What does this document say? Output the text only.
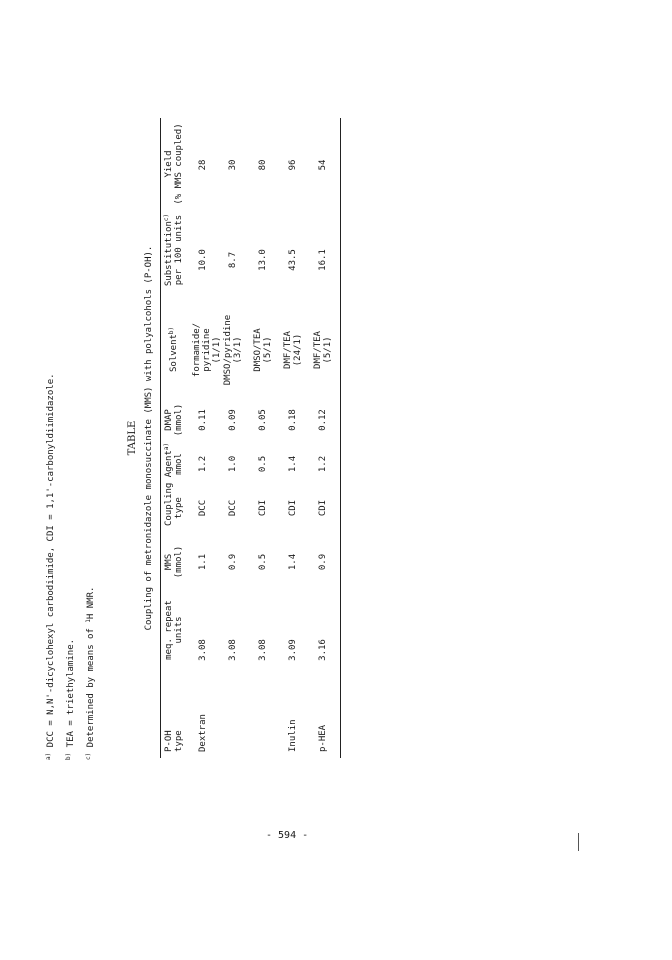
TABLE Coupling of metronidazole monosuccinate (MMS) with polyalcohols (P-OH).
P-OH type
meq. repeat units
MMS (mmol)
Coupling Agent$^{a)}$
type
mmol
DMAP (mmol)
Solvent$^{b)}$
Substitution$^{c)}$ per 100 units
Yield (% MMS coupled)
Dextran
3.08
1.1
DCC
1.2
0.11
formamide/ pyridine (1/1)
10.0
28
3.08
0.9
DCC
1.0
0.09
DMSO/pyridine (3/1)
8.7
30
3.08
0.5
CDI
0.5
0.05
DMSO/TEA (5/1)
13.0
80
Inulin
3.09
1.4
CDI
1.4
0.18
DMF/TEA (24/1)
43.5
96
p-HEA
3.16
0.9
CDI
1.2
0.12
DMF/TEA (5/1)
16.1
54
$^{a)}$ DCC = N,N'-dicyclohexyl carbodiimide, CDI = 1,1'-carbonyldiimidazole.
$^{b)}$ TEA = triethylamine.
$^{c)}$ Determined by means of $^1$H NMR.
- 594 -
